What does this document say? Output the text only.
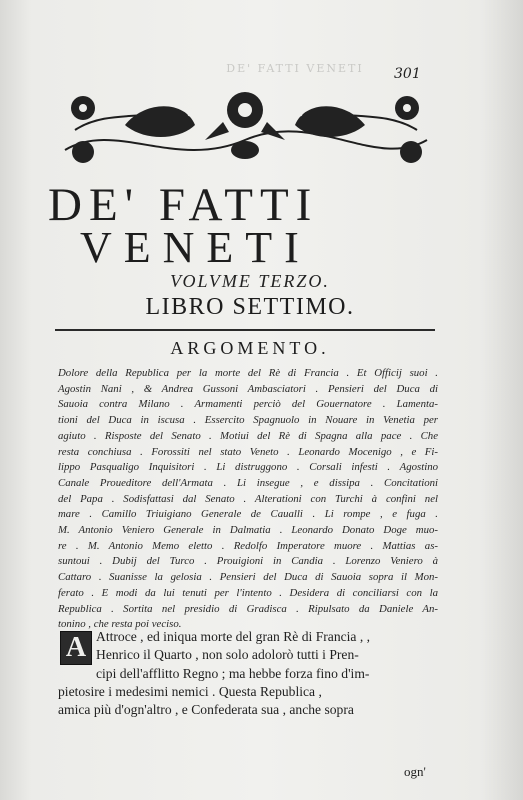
DE' FATTI VENETI	301
DE' FATTI
VENETI
VOLVME TERZO.
LIBRO SETTIMO.
ARGOMENTO.
Dolore della Republica per la morte del Rè di Francia . Et Officij suoi .
Agostin Nani , & Andrea Gussoni Ambasciatori . Pensieri del Duca di
Sauoia contra Milano . Armamenti perciò del Gouernatore . Lamenta-
tioni del Duca in iscusa . Essercito Spagnuolo in Nouare in Venetia per
agiuto . Risposte del Senato . Motiui del Rè di Spagna alla pace . Che
resta conchiusa . Forossiti nel stato Veneto . Leonardo Mocenigo , e Fi-
lippo Pasqualigo Inquisitori . Li distruggono . Corsali infesti . Agostino
Canale Proueditore dell'Armata . Li insegue , e dissipa . Concitationi
del Papa . Sodisfattasi dal Senato . Alterationi con Turchi à confini nel
mare . Camillo Triuigiano Generale de Caualli . Li rompe , e fuga .
M. Antonio Veniero Generale in Dalmatia . Leonardo Donato Doge muo-
re . M. Antonio Memo eletto . Redolfo Imperatore muore . Mattias as-
suntoui . Dubij del Turco . Prouigioni in Candia . Lorenzo Veniero à
Cattaro . Suanisse la gelosia . Pensieri del Duca di Sauoia sopra il Mon-
ferato . E modi da lui tenuti per l'intento . Desidera di conciliarsi con la
Republica . Sortita nel presidio di Gradisca . Ripulsato da Daniele An-
tonino , che resta poi veciso.
A Attroce , ed iniqua morte del gran Rè di Francia , ,
Henrico il Quarto , non solo adolorò tutti i Pren-
cipi dell'afflitto Regno ; ma hebbe forza fino d'im-
pietosire i medesimi nemici . Questa Republica ,
amica più d'ogn'altro , e Confederata sua , anche sopra
ogn'
